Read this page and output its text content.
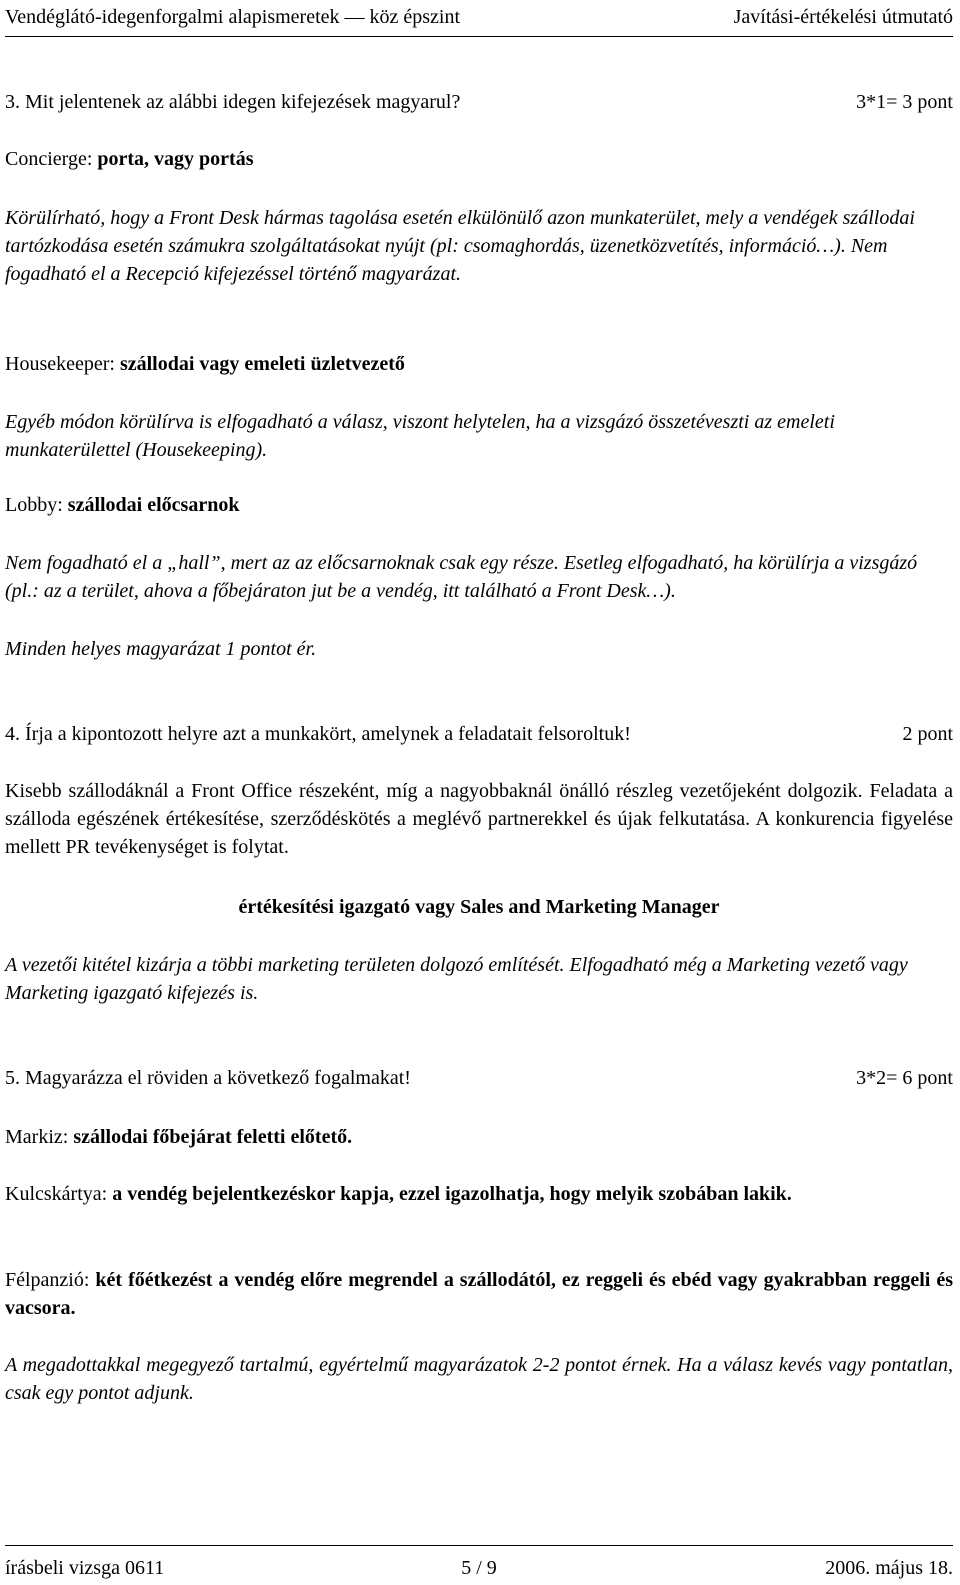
Vendéglátó-idegenforgalmi alapismeretek — köz épszint	Javítási-értékelési útmutató
3. Mit jelentenek az alábbi idegen kifejezések magyarul?	3*1= 3 pont
Concierge: porta, vagy portás
Körülírható, hogy a Front Desk hármas tagolása esetén elkülönülő azon munkaterület, mely a vendégek szállodai tartózkodása esetén számukra szolgáltatásokat nyújt (pl: csomaghordás, üzenetközvetítés, információ…). Nem fogadható el a Recepció kifejezéssel történő magyarázat.
Housekeeper: szállodai vagy emeleti üzletvezető
Egyéb módon körülírva is elfogadható a válasz, viszont helytelen, ha a vizsgázó összetéveszti az emeleti munkaterülettel (Housekeeping).
Lobby: szállodai előcsarnok
Nem fogadható el a „hall”, mert az az előcsarnoknak csak egy része. Esetleg elfogadható, ha körülírja a vizsgázó (pl.: az a terület, ahova a főbejáraton jut be a vendég, itt található a Front Desk…).
Minden helyes magyarázat 1 pontot ér.
4. Írja a kipontozott helyre azt a munkakört, amelynek a feladatait felsoroltuk!	2 pont
Kisebb szállodáknál a Front Office részeként, míg a nagyobbaknál önálló részleg vezetőjeként dolgozik. Feladata a szálloda egészének értékesítése, szerződéskötés a meglévő partnerekkel és újak felkutatása. A konkurencia figyelése mellett PR tevékenységet is folytat.
értékesítési igazgató vagy Sales and Marketing Manager
A vezetői kitétel kizárja a többi marketing területen dolgozó említését. Elfogadható még a Marketing vezető vagy Marketing igazgató kifejezés is.
5. Magyarázza el röviden a következő fogalmakat!	3*2= 6 pont
Markiz: szállodai főbejárat feletti előtető.
Kulcskártya: a vendég bejelentkezéskor kapja, ezzel igazolhatja, hogy melyik szobában lakik.
Félpanzió: két főétkezést a vendég előre megrendel a szállodától, ez reggeli és ebéd vagy gyakrabban reggeli és vacsora.
A megadottakkal megegyező tartalmú, egyértelmű magyarázatok 2-2 pontot érnek. Ha a válasz kevés vagy pontatlan, csak egy pontot adjunk.
írásbeli vizsga 0611	5 / 9	2006. május 18.
